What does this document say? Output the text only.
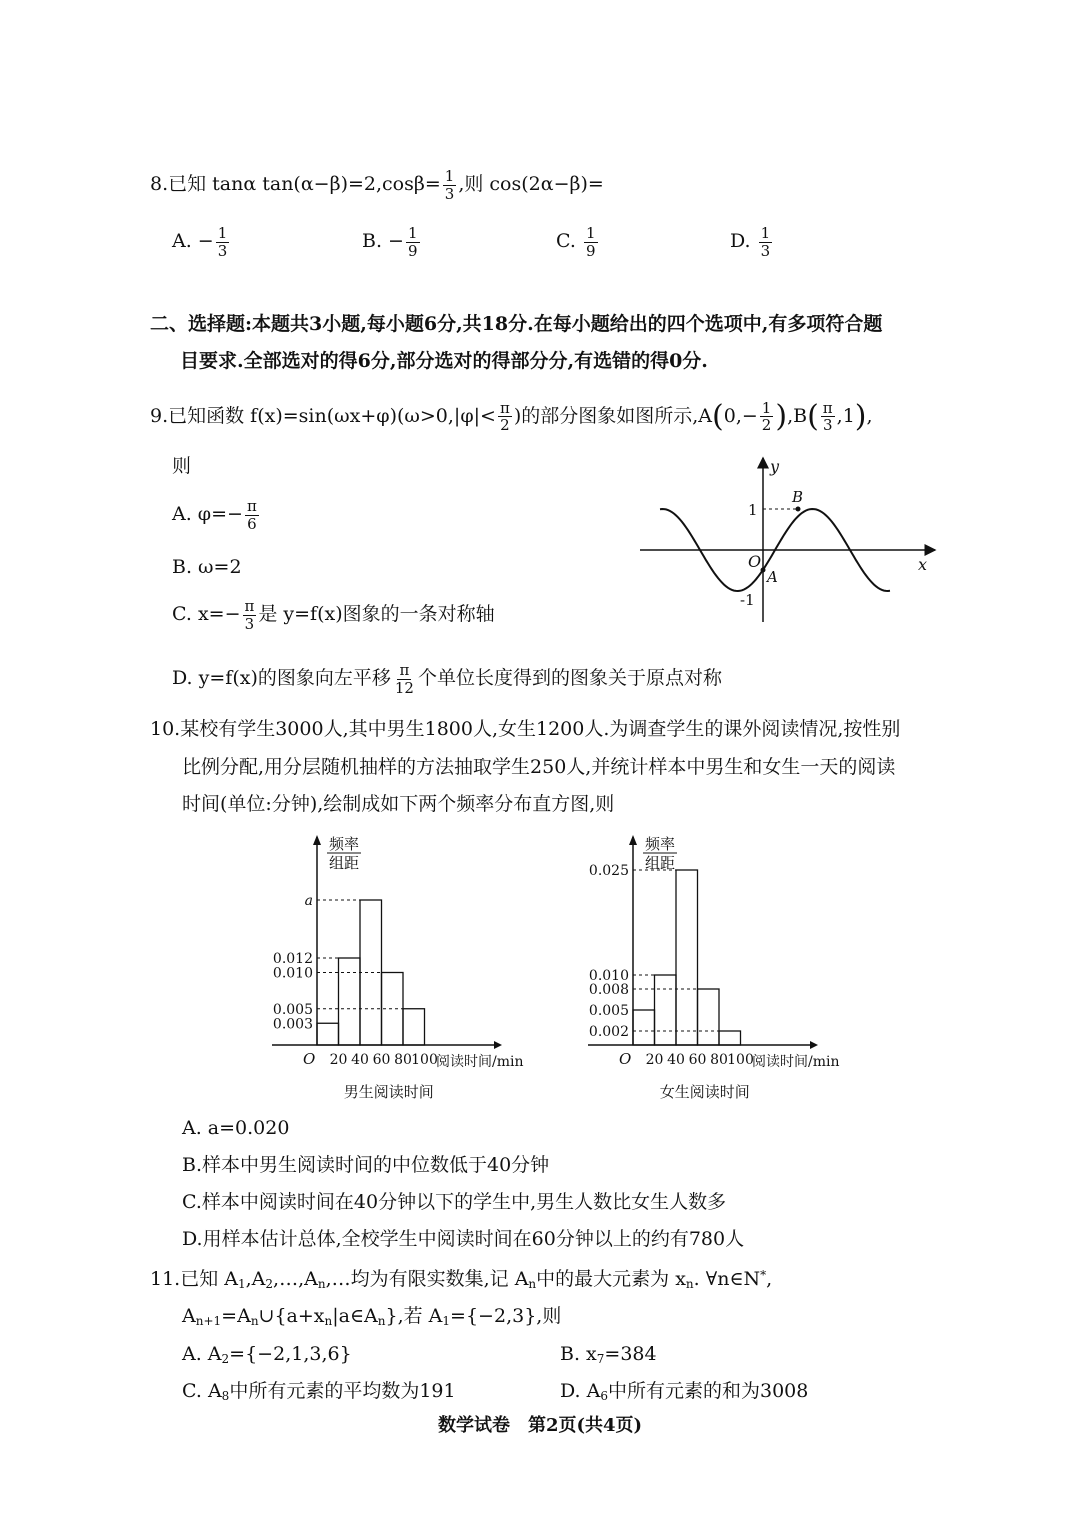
8.已知 tanα $\tan(\alpha-\beta)=2,\cos\beta= \frac{1}{3}$ ,则 cos(2α−β)=
A. − $\frac{1}{3}$	B. − $\frac{1}{9}$	C. $\frac{1}{9}$	D. $\frac{1}{3}$
二、选择题:本题共3小题,每小题6分,共18分.在每小题给出的四个选项中,有多项符合题
目要求.全部选对的得6分,部分选对的得部分分,有选错的得0分.
9.已知函数 $f(x)=\sin(\omega x+\varphi)(\omega>0,|\varphi|< \frac{\pi}{2}$ )的部分图象如图所示$,A(0,- \frac{1}{2} ),B( \frac{\pi}{3} ,1)$,
则
A. $\varphi=- \frac{\pi}{6}$
B. ω=2
C. $x=- \frac{\pi}{3}$ 是 y=f(x)图象的一条对称轴
D. y=f(x)的图象向左平移 $\frac{\pi}{12}$ 个单位长度得到的图象关于原点对称
y
x
O
1
-1
A
B
10.某校有学生3000人,其中男生1800人,女生1200人.为调查学生的课外阅读情况,按性别
比例分配,用分层随机抽样的方法抽取学生250人,并统计样本中男生和女生一天的阅读
时间(单位:分钟),绘制成如下两个频率分布直方图,则
频率
组距
a
0.012
0.010
0.005
0.003
O 20 40 60 80 100
阅读时间/min
男生阅读时间
频率
组距
0.025
0.010
0.008
0.005
0.002
O 20 40 60 80 100
阅读时间/min
女生阅读时间
A. a=0.020
B.样本中男生阅读时间的中位数低于40分钟
C.样本中阅读时间在40分钟以下的学生中,男生人数比女生人数多
D.用样本估计总体,全校学生中阅读时间在60分钟以上的约有780人
11.已知 $A_1,A_2,\dots,A_n,\dots$均为有限实数集,记 $A_n$中的最大元素为 $x_n$. ∀n∈N*,
$A_{n+1}=A_n\cup\{a+x_n|a\in A_n\}$,若 $A_1=\{-2,3\}$,则
A. $A_2=\{-2,1,3,6\}$	B. $x_7=384$
C. $A_8$中所有元素的平均数为191	D. $A_6$中所有元素的和为3008
数学试卷　第2页(共4页)
